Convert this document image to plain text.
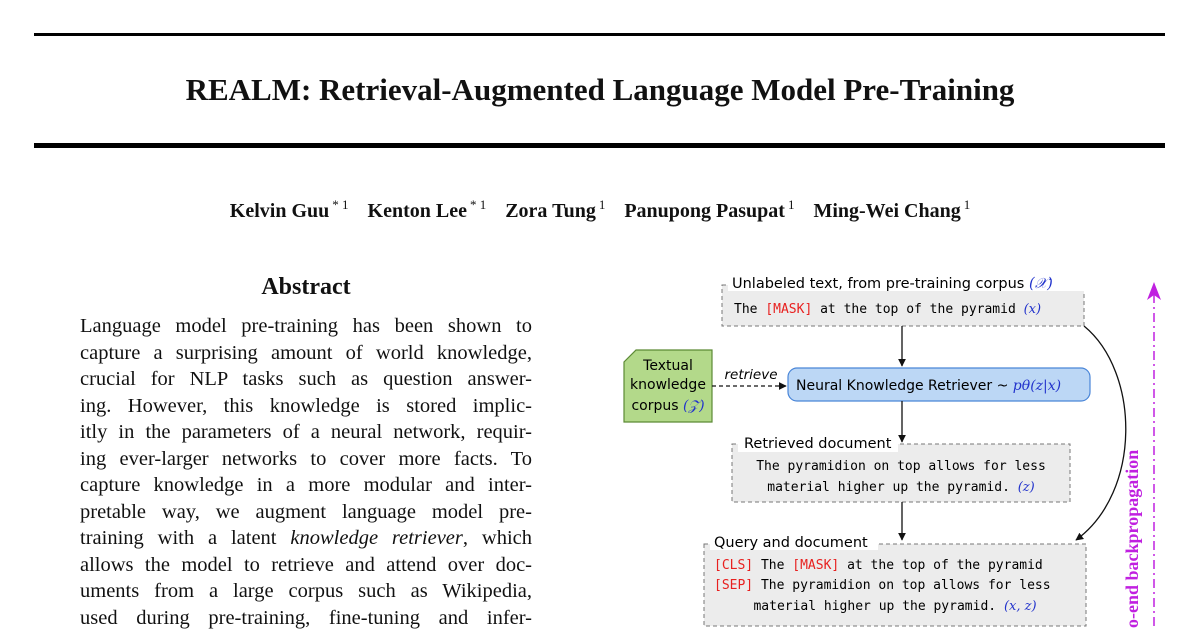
REALM: Retrieval-Augmented Language Model Pre-Training
Kelvin Guu $^{* 1}$ Kenton Lee $^{* 1}$ Zora Tung $^1$ Panupong Pasupat $^1$ Ming-Wei Chang $^1$
Abstract
Language model pre-training has been shown to
capture a surprising amount of world knowledge,
crucial for NLP tasks such as question answer-
ing. However, this knowledge is stored implic-
itly in the parameters of a neural network, requir-
ing ever-larger networks to cover more facts. To
capture knowledge in a more modular and inter-
pretable way, we augment language model pre-
training with a latent knowledge retriever, which
allows the model to retrieve and attend over doc-
uments from a large corpus such as Wikipedia,
used during pre-training, fine-tuning and infer-
Unlabeled text, from pre-training corpus (𝒳)
The [MASK] at the top of the pyramid (x)
Textual
knowledge
corpus (𝒵)
retrieve
Neural Knowledge Retriever ~ pθ(z|x)
Retrieved document
The pyramidion on top allows for less
material higher up the pyramid. (z)
Query and document
[CLS] The [MASK] at the top of the pyramid
[SEP] The pyramidion on top allows for less
material higher up the pyramid. (x, z)	o-end backpropagation
